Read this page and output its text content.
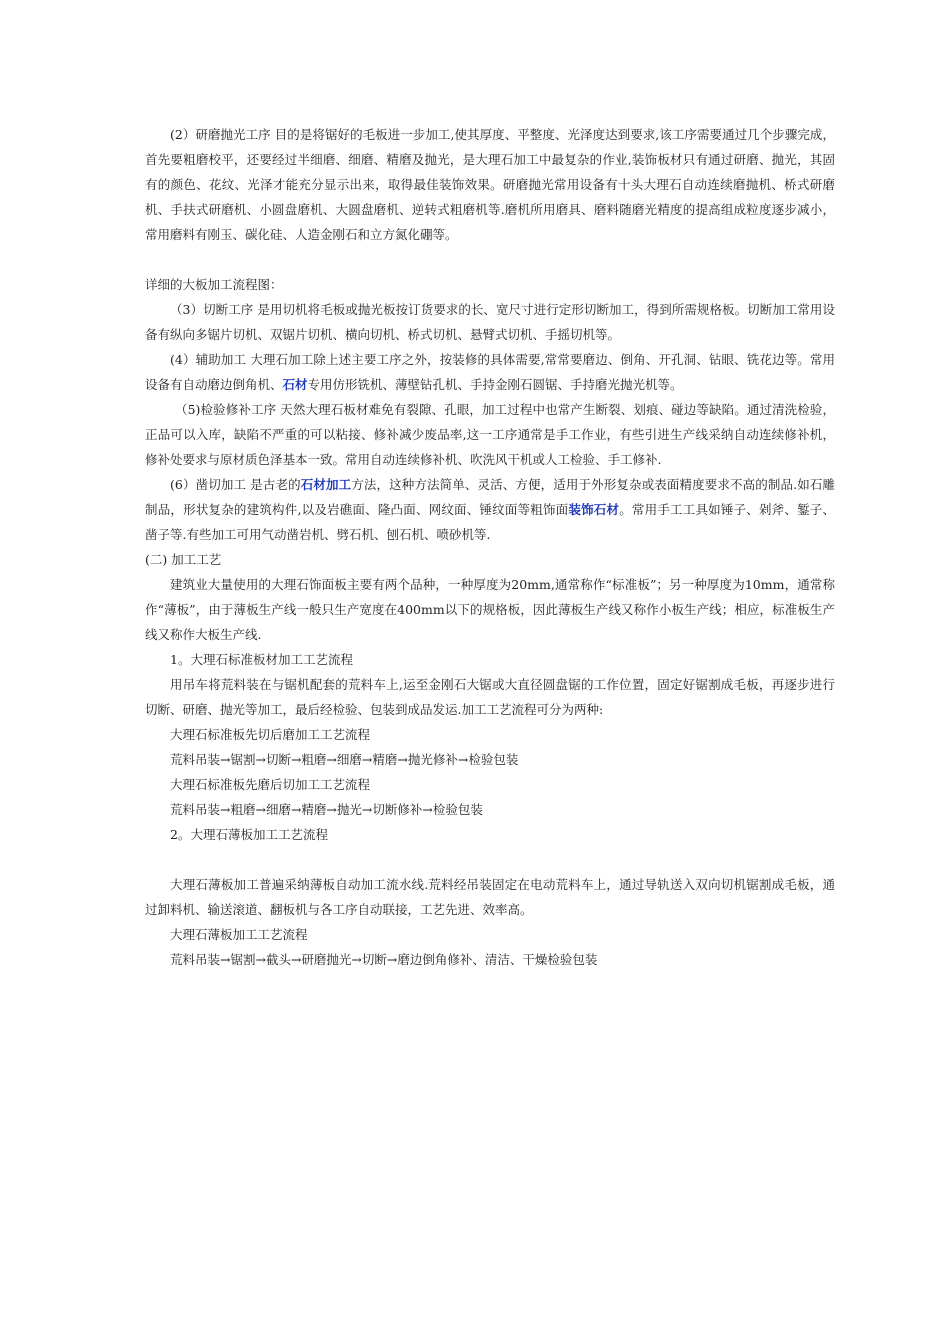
(2）研磨抛光工序 目的是将锯好的毛板进一步加工,使其厚度、平整度、光泽度达到要求,该工序需要通过几个步骤完成，首先要粗磨校平，还要经过半细磨、细磨、精磨及抛光，是大理石加工中最复杂的作业,装饰板材只有通过研磨、抛光，其固有的颜色、花纹、光泽才能充分显示出来，取得最佳装饰效果。研磨抛光常用设备有十头大理石自动连续磨抛机、桥式研磨机、手扶式研磨机、小圆盘磨机、大圆盘磨机、逆转式粗磨机等.磨机所用磨具、磨料随磨光精度的提高组成粒度逐步减小，常用磨料有刚玉、碳化硅、人造金刚石和立方氮化硼等。

详细的大板加工流程图：

（3）切断工序 是用切机将毛板或抛光板按订货要求的长、宽尺寸进行定形切断加工，得到所需规格板。切断加工常用设备有纵向多锯片切机、双锯片切机、横向切机、桥式切机、悬臂式切机、手摇切机等。

(4）辅助加工 大理石加工除上述主要工序之外，按装修的具体需要,常常要磨边、倒角、开孔洞、钻眼、铣花边等。常用设备有自动磨边倒角机、石材专用仿形铣机、薄壁钻孔机、手持金刚石圆锯、手持磨光抛光机等。

（5)检验修补工序 天然大理石板材难免有裂隙、孔眼，加工过程中也常产生断裂、划痕、碰边等缺陷。通过清洗检验，正品可以入库，缺陷不严重的可以粘接、修补减少废品率,这一工序通常是手工作业，有些引进生产线采纳自动连续修补机，修补处要求与原材质色泽基本一致。常用自动连续修补机、吹洗风干机或人工检验、手工修补.

(6）凿切加工 是古老的石材加工方法，这种方法简单、灵活、方便，适用于外形复杂或表面精度要求不高的制品.如石雕制品，形状复杂的建筑构件,以及岩礁面、隆凸面、网纹面、锤纹面等粗饰面装饰石材。常用手工工具如锤子、剁斧、錾子、凿子等.有些加工可用气动凿岩机、劈石机、刨石机、喷砂机等.

(二) 加工工艺

建筑业大量使用的大理石饰面板主要有两个品种，一种厚度为20mm,通常称作“标准板”；另一种厚度为10mm，通常称作“薄板”，由于薄板生产线一般只生产宽度在400mm以下的规格板，因此薄板生产线又称作小板生产线；相应，标准板生产线又称作大板生产线.

1。大理石标准板材加工工艺流程

用吊车将荒料装在与锯机配套的荒料车上,运至金刚石大锯或大直径圆盘锯的工作位置，固定好锯割成毛板，再逐步进行切断、研磨、抛光等加工，最后经检验、包装到成品发运.加工工艺流程可分为两种:

大理石标准板先切后磨加工工艺流程

荒料吊装→锯割→切断→粗磨→细磨→精磨→抛光修补→检验包装

大理石标准板先磨后切加工工艺流程

荒料吊装→粗磨→细磨→精磨→抛光→切断修补→检验包装

2。大理石薄板加工工艺流程

大理石薄板加工普遍采纳薄板自动加工流水线.荒料经吊装固定在电动荒料车上，通过导轨送入双向切机锯割成毛板，通过卸料机、输送滚道、翻板机与各工序自动联接，工艺先进、效率高。

大理石薄板加工工艺流程

荒料吊装→锯割→截头→研磨抛光→切断→磨边倒角修补、清洁、干燥检验包装
